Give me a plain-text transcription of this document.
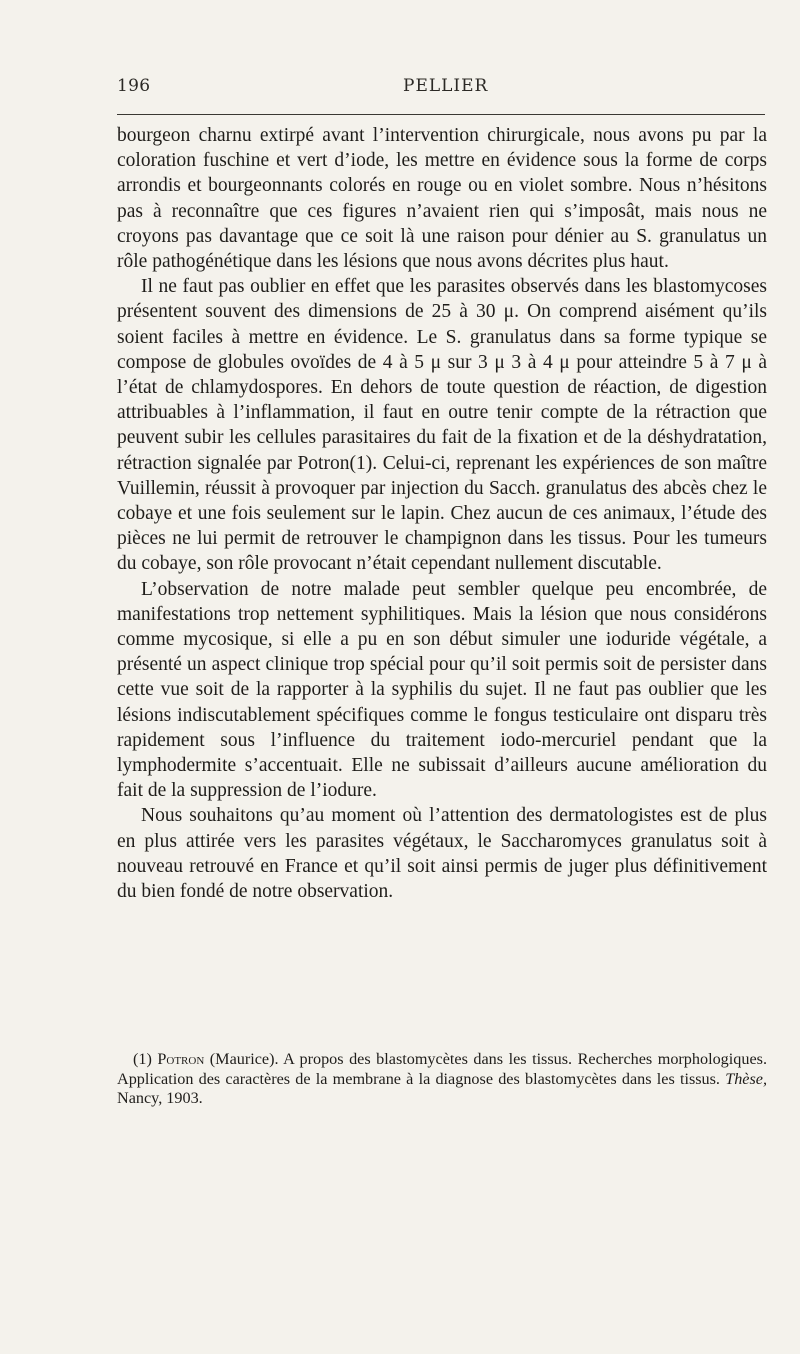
196	PELLIER

bourgeon charnu extirpé avant l’intervention chirurgicale, nous avons pu par la coloration fuschine et vert d’iode, les mettre en évidence sous la forme de corps arrondis et bourgeonnants colorés en rouge ou en violet sombre. Nous n’hésitons pas à reconnaître que ces figures n’avaient rien qui s’imposât, mais nous ne croyons pas davantage que ce soit là une raison pour dénier au S. granulatus un rôle pathogénétique dans les lésions que nous avons décrites plus haut.

Il ne faut pas oublier en effet que les parasites observés dans les blastomycoses présentent souvent des dimensions de 25 à 30 μ. On comprend aisément qu’ils soient faciles à mettre en évidence. Le S. granulatus dans sa forme typique se compose de globules ovoïdes de 4 à 5 μ sur 3 μ 3 à 4 μ pour atteindre 5 à 7 μ à l’état de chlamydospores. En dehors de toute question de réaction, de digestion attribuables à l’inflammation, il faut en outre tenir compte de la rétraction que peuvent subir les cellules parasitaires du fait de la fixation et de la déshydratation, rétraction signalée par Potron(1). Celui-ci, reprenant les expériences de son maître Vuillemin, réussit à provoquer par injection du Sacch. granulatus des abcès chez le cobaye et une fois seulement sur le lapin. Chez aucun de ces animaux, l’étude des pièces ne lui permit de retrouver le champignon dans les tissus. Pour les tumeurs du cobaye, son rôle provocant n’était cependant nullement discutable.

L’observation de notre malade peut sembler quelque peu encombrée, de manifestations trop nettement syphilitiques. Mais la lésion que nous considérons comme mycosique, si elle a pu en son début simuler une ioduride végétale, a présenté un aspect clinique trop spécial pour qu’il soit permis soit de persister dans cette vue soit de la rapporter à la syphilis du sujet. Il ne faut pas oublier que les lésions indiscutablement spécifiques comme le fongus testiculaire ont disparu très rapidement sous l’influence du traitement iodo-mercuriel pendant que la lymphodermite s’accentuait. Elle ne subissait d’ailleurs aucune amélioration du fait de la suppression de l’iodure.

Nous souhaitons qu’au moment où l’attention des dermatologistes est de plus en plus attirée vers les parasites végétaux, le Saccharomyces granulatus soit à nouveau retrouvé en France et qu’il soit ainsi permis de juger plus définitivement du bien fondé de notre observation.

(1) Potron (Maurice). A propos des blastomycètes dans les tissus. Recherches morphologiques. Application des caractères de la membrane à la diagnose des blastomycètes dans les tissus. Thèse, Nancy, 1903.
